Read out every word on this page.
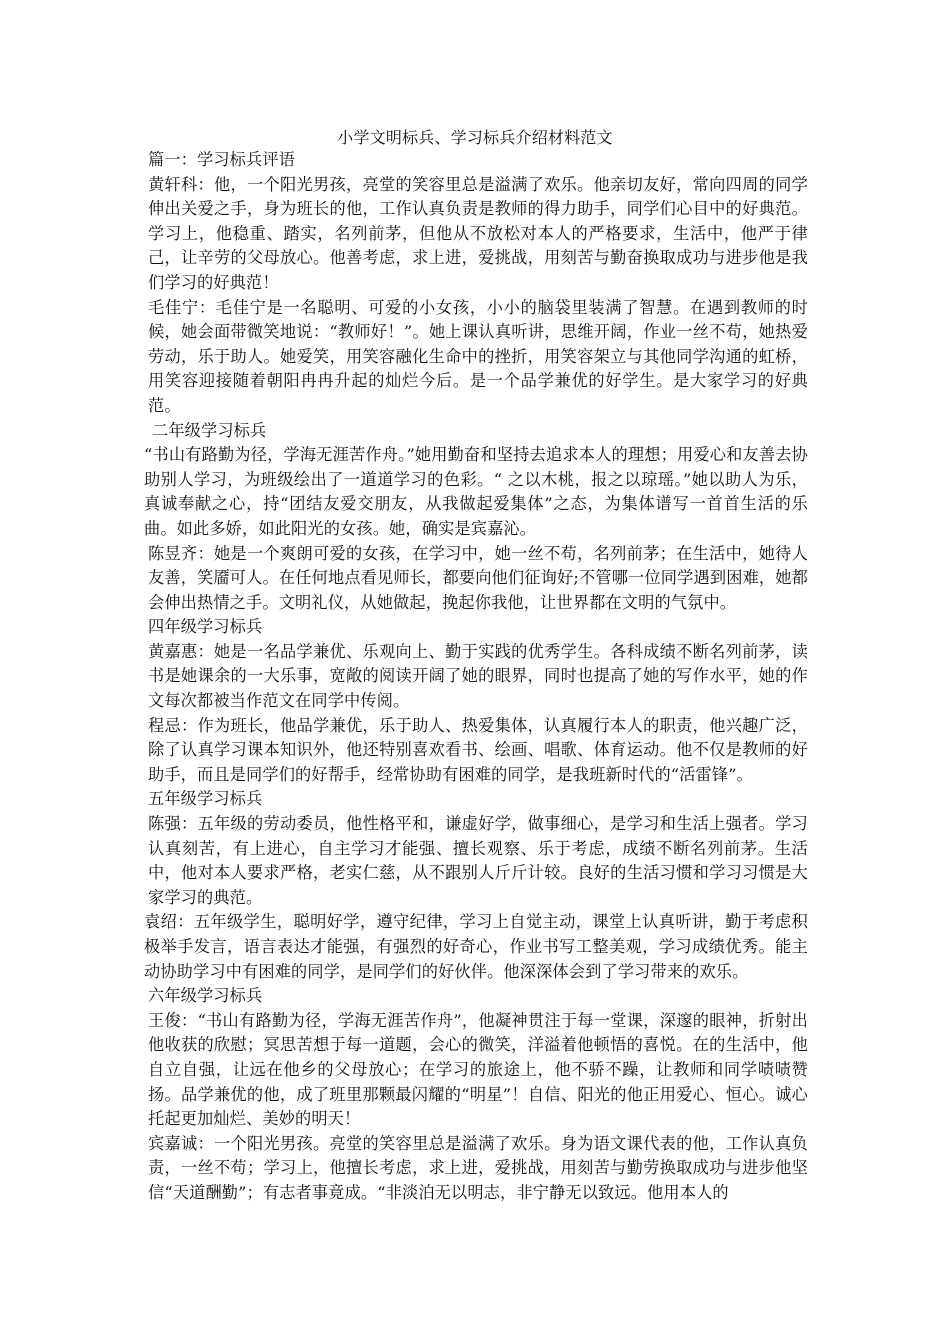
小学文明标兵、学习标兵介绍材料范文

篇一：学习标兵评语

黄轩科：他，一个阳光男孩，亮堂的笑容里总是溢满了欢乐。他亲切友好，常向四周的同学伸出关爱之手，身为班长的他，工作认真负责是教师的得力助手，同学们心目中的好典范。学习上，他稳重、踏实，名列前茅，但他从不放松对本人的严格要求，生活中，他严于律己，让辛劳的父母放心。他善考虑，求上进，爱挑战，用刻苦与勤奋换取成功与进步他是我们学习的好典范！

毛佳宁：毛佳宁是一名聪明、可爱的小女孩，小小的脑袋里装满了智慧。在遇到教师的时候，她会面带微笑地说：“教师好！”。她上课认真听讲，思维开阔，作业一丝不苟，她热爱劳动，乐于助人。她爱笑，用笑容融化生命中的挫折，用笑容架立与其他同学沟通的虹桥，用笑容迎接随着朝阳冉冉升起的灿烂今后。是一个品学兼优的好学生。是大家学习的好典范。

二年级学习标兵

“书山有路勤为径，学海无涯苦作舟。”她用勤奋和坚持去追求本人的理想；用爱心和友善去协助别人学习，为班级绘出了一道道学习的色彩。“ 之以木桃，报之以琼瑶。”她以助人为乐，真诚奉献之心，持“团结友爱交朋友，从我做起爱集体”之态，为集体谱写一首首生活的乐曲。如此多娇，如此阳光的女孩。她，确实是宾嘉沁。

陈昱齐：她是一个爽朗可爱的女孩，在学习中，她一丝不苟，名列前茅；在生活中，她待人友善，笑靥可人。在任何地点看见师长，都要向他们征询好;不管哪一位同学遇到困难，她都会伸出热情之手。文明礼仪，从她做起，挽起你我他，让世界都在文明的气氛中。

四年级学习标兵

黄嘉惠：她是一名品学兼优、乐观向上、勤于实践的优秀学生。各科成绩不断名列前茅，读书是她课余的一大乐事，宽敞的阅读开阔了她的眼界，同时也提高了她的写作水平，她的作文每次都被当作范文在同学中传阅。

程忌：作为班长，他品学兼优，乐于助人、热爱集体，认真履行本人的职责，他兴趣广泛，除了认真学习课本知识外，他还特别喜欢看书、绘画、唱歌、体育运动。他不仅是教师的好助手，而且是同学们的好帮手，经常协助有困难的同学，是我班新时代的“活雷锋”。

五年级学习标兵

陈强：五年级的劳动委员，他性格平和，谦虚好学，做事细心，是学习和生活上强者。学习认真刻苦，有上进心，自主学习才能强、擅长观察、乐于考虑，成绩不断名列前茅。生活中，他对本人要求严格，老实仁慈，从不跟别人斤斤计较。良好的生活习惯和学习习惯是大家学习的典范。

袁绍：五年级学生，聪明好学，遵守纪律，学习上自觉主动，课堂上认真听讲，勤于考虑积极举手发言，语言表达才能强，有强烈的好奇心，作业书写工整美观，学习成绩优秀。能主动协助学习中有困难的同学，是同学们的好伙伴。他深深体会到了学习带来的欢乐。

六年级学习标兵

王俊：“书山有路勤为径，学海无涯苦作舟”，他凝神贯注于每一堂课，深邃的眼神，折射出他收获的欣慰；冥思苦想于每一道题，会心的微笑，洋溢着他顿悟的喜悦。在的生活中，他自立自强，让远在他乡的父母放心；在学习的旅途上，他不骄不躁，让教师和同学啧啧赞扬。品学兼优的他，成了班里那颗最闪耀的“明星”！自信、阳光的他正用爱心、恒心。诚心托起更加灿烂、美妙的明天！

宾嘉诚：一个阳光男孩。亮堂的笑容里总是溢满了欢乐。身为语文课代表的他，工作认真负责，一丝不苟；学习上，他擅长考虑，求上进，爱挑战，用刻苦与勤劳换取成功与进步他坚信“天道酬勤”；有志者事竟成。“非淡泊无以明志，非宁静无以致远。他用本人的
